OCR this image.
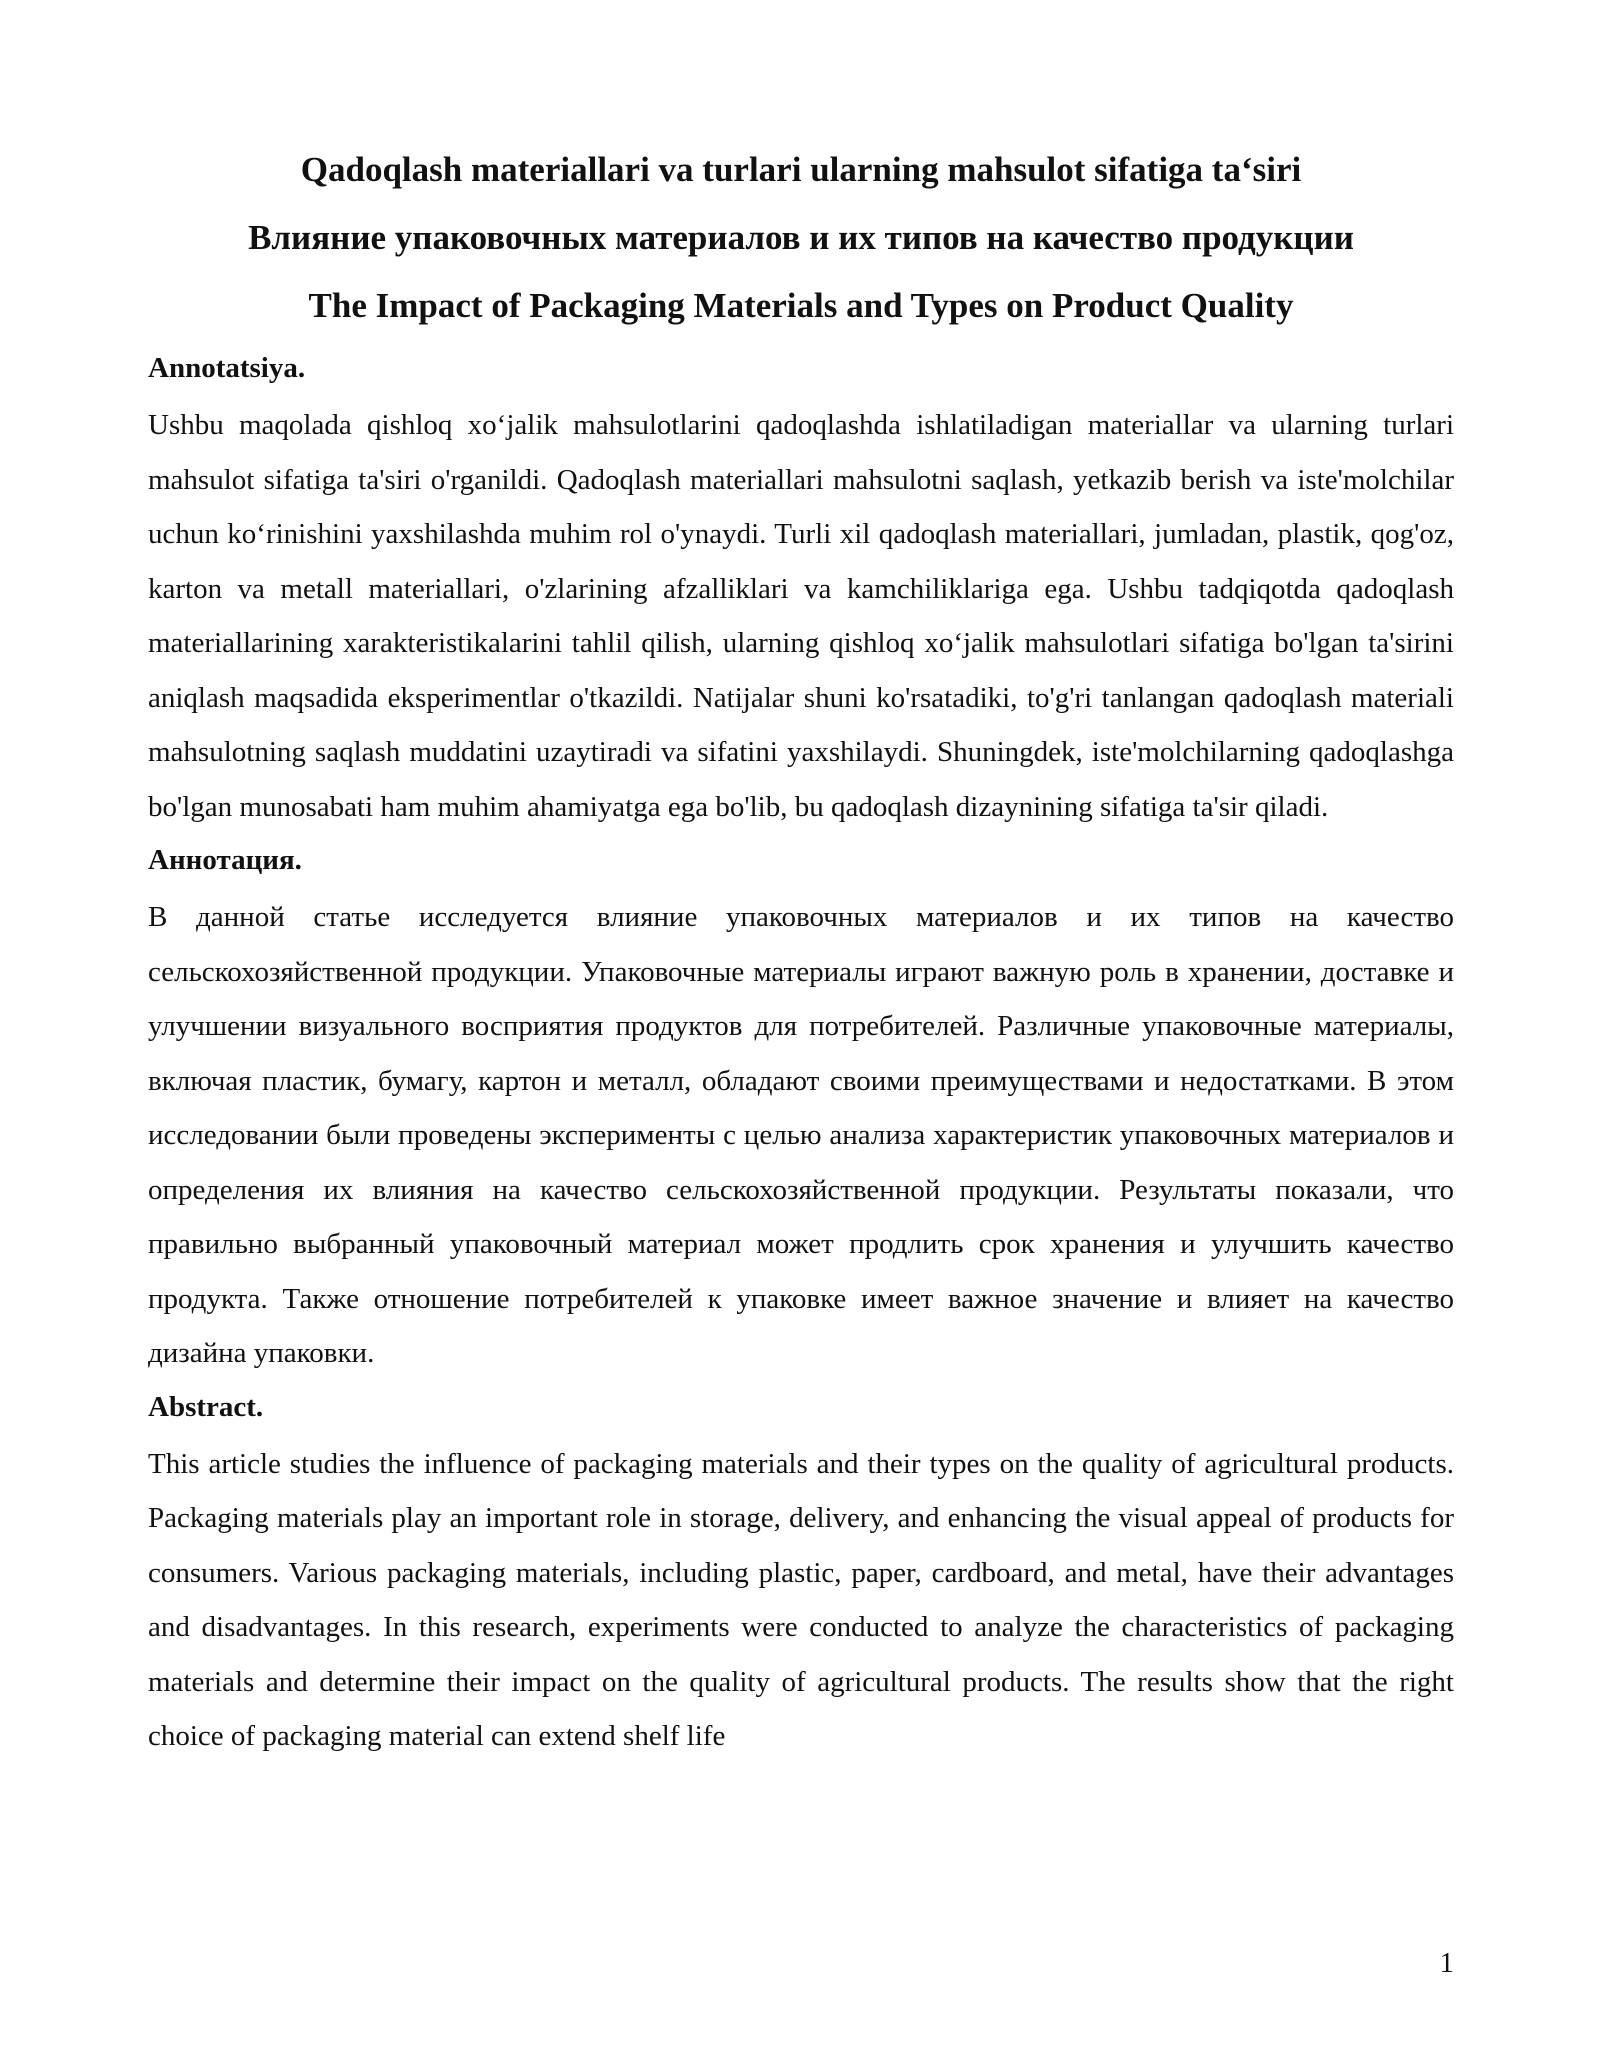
Qadoqlash materiallari va turlari ularning mahsulot sifatiga ta‘siri
Влияние упаковочных материалов и их типов на качество продукции
The Impact of Packaging Materials and Types on Product Quality
Annotatsiya.

Ushbu maqolada qishloq xo‘jalik mahsulotlarini qadoqlashda ishlatiladigan materiallar va ularning turlari mahsulot sifatiga ta'siri o'rganildi. Qadoqlash materiallari mahsulotni saqlash, yetkazib berish va iste'molchilar uchun ko‘rinishini yaxshilashda muhim rol o'ynaydi. Turli xil qadoqlash materiallari, jumladan, plastik, qog'oz, karton va metall materiallari, o'zlarining afzalliklari va kamchiliklariga ega. Ushbu tadqiqotda qadoqlash materiallarining xarakteristikalarini tahlil qilish, ularning qishloq xo‘jalik mahsulotlari sifatiga bo'lgan ta'sirini aniqlash maqsadida eksperimentlar o'tkazildi. Natijalar shuni ko'rsatadiki, to'g'ri tanlangan qadoqlash materiali mahsulotning saqlash muddatini uzaytiradi va sifatini yaxshilaydi. Shuningdek, iste'molchilarning qadoqlashga bo'lgan munosabati ham muhim ahamiyatga ega bo'lib, bu qadoqlash dizaynining sifatiga ta'sir qiladi.

Аннотация.

В данной статье исследуется влияние упаковочных материалов и их типов на качество сельскохозяйственной продукции. Упаковочные материалы играют важную роль в хранении, доставке и улучшении визуального восприятия продуктов для потребителей. Различные упаковочные материалы, включая пластик, бумагу, картон и металл, обладают своими преимуществами и недостатками. В этом исследовании были проведены эксперименты с целью анализа характеристик упаковочных материалов и определения их влияния на качество сельскохозяйственной продукции. Результаты показали, что правильно выбранный упаковочный материал может продлить срок хранения и улучшить качество продукта. Также отношение потребителей к упаковке имеет важное значение и влияет на качество дизайна упаковки.

Abstract.

This article studies the influence of packaging materials and their types on the quality of agricultural products. Packaging materials play an important role in storage, delivery, and enhancing the visual appeal of products for consumers. Various packaging materials, including plastic, paper, cardboard, and metal, have their advantages and disadvantages. In this research, experiments were conducted to analyze the characteristics of packaging materials and determine their impact on the quality of agricultural products. The results show that the right choice of packaging material can extend shelf life

1
